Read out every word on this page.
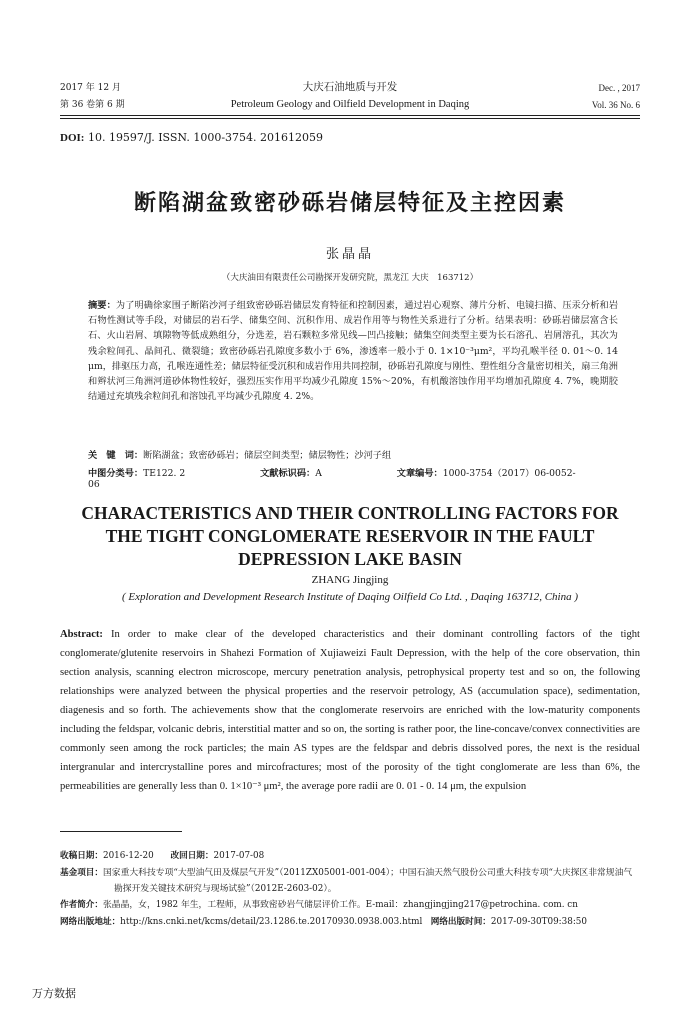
2017 年 12 月
第 36 卷第 6 期
大庆石油地质与开发
Petroleum Geology and Oilfield Development in Daqing
Dec. , 2017
Vol. 36 No. 6
DOI: 10. 19597/J. ISSN. 1000-3754. 201612059
断陷湖盆致密砂砾岩储层特征及主控因素
张晶晶
（大庆油田有限责任公司勘探开发研究院，黑龙江 大庆　163712）
摘要：为了明确徐家围子断陷沙河子组致密砂砾岩储层发育特征和控制因素，通过岩心观察、薄片分析、电镜扫描、压汞分析和岩石物性测试等手段，对储层的岩石学、储集空间、沉积作用、成岩作用等与物性关系进行了分析。结果表明：砂砾岩储层富含长石、火山岩屑、填隙物等低成熟组分，分选差，岩石颗粒多常见线—凹凸接触；储集空间类型主要为长石溶孔、岩屑溶孔，其次为残余粒间孔、晶间孔、微裂缝；致密砂砾岩孔隙度多数小于 6%，渗透率一般小于 0. 1×10⁻³μm²，平均孔喉半径 0. 01～0. 14 μm，排驱压力高，孔喉连通性差；储层特征受沉积和成岩作用共同控制，砂砾岩孔隙度与刚性、塑性组分含量密切相关，扇三角洲和辫状河三角洲河道砂体物性较好，强烈压实作用平均减少孔隙度 15%～20%，有机酸溶蚀作用平均增加孔隙度 4. 7%，晚期胶结通过充填残余粒间孔和溶蚀孔平均减少孔隙度 4. 2%。
关　键　词：断陷湖盆；致密砂砾岩；储层空间类型；储层物性；沙河子组
中图分类号：TE122. 2	文献标识码：A	文章编号：1000-3754（2017）06-0052-06
CHARACTERISTICS AND THEIR CONTROLLING FACTORS FOR THE TIGHT CONGLOMERATE RESERVOIR IN THE FAULT DEPRESSION LAKE BASIN
ZHANG Jingjing
( Exploration and Development Research Institute of Daqing Oilfield Co Ltd. , Daqing 163712, China )
Abstract: In order to make clear of the developed characteristics and their dominant controlling factors of the tight conglomerate/glutenite reservoirs in Shahezi Formation of Xujiaweizi Fault Depression, with the help of the core observation, thin section analysis, scanning electron microscope, mercury penetration analysis, petrophysical property test and so on, the following relationships were analyzed between the physical properties and the reservoir petrology, AS (accumulation space), sedimentation, diagenesis and so forth. The achievements show that the conglomerate reservoirs are enriched with the low-maturity components including the feldspar, volcanic debris, interstitial matter and so on, the sorting is rather poor, the line-concave/convex connectivities are commonly seen among the rock particles; the main AS types are the feldspar and debris dissolved pores, the next is the residual intergranular and intercrystalline pores and mircofractures; most of the porosity of the tight conglomerate are less than 6%, the permeabilities are generally less than 0. 1×10⁻³ μm², the average pore radii are 0. 01 - 0. 14 μm, the expulsion
收稿日期：2016-12-20 改回日期：2017-07-08
基金项目：国家重大科技专项“大型油气田及煤层气开发”（2011ZX05001-001-004）；中国石油天然气股份公司重大科技专项“大庆探区非常规油气勘探开发关键技术研究与现场试验”（2012E-2603-02）。
作者简介：张晶晶，女，1982 年生，工程师，从事致密砂岩气储层评价工作。E-mail：zhangjingjing217@petrochina. com. cn
网络出版地址：http://kns.cnki.net/kcms/detail/23.1286.te.20170930.0938.003.html 网络出版时间：2017-09-30T09:38:50
万方数据
